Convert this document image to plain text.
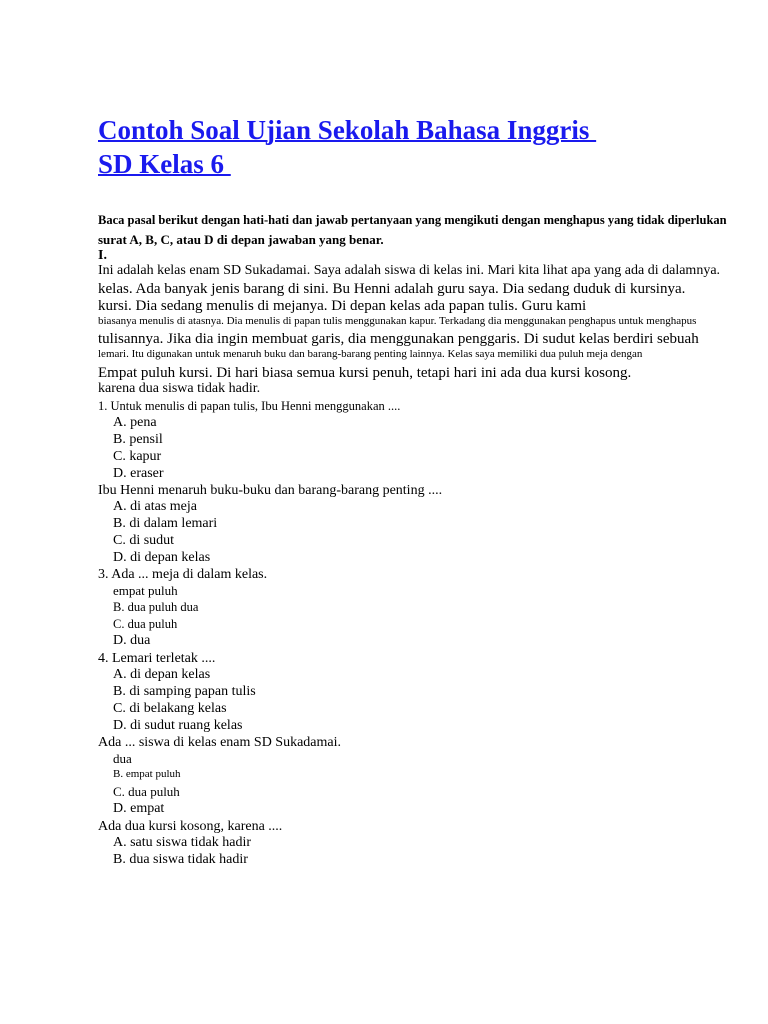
Contoh Soal Ujian Sekolah Bahasa Inggris
SD Kelas 6

Baca pasal berikut dengan hati-hati dan jawab pertanyaan yang mengikuti dengan menghapus yang tidak diperlukan

surat A, B, C, atau D di depan jawaban yang benar.

I.

Ini adalah kelas enam SD Sukadamai. Saya adalah siswa di kelas ini. Mari kita lihat apa yang ada di dalamnya.

kelas. Ada banyak jenis barang di sini. Bu Henni adalah guru saya. Dia sedang duduk di kursinya.

kursi. Dia sedang menulis di mejanya. Di depan kelas ada papan tulis. Guru kami

biasanya menulis di atasnya. Dia menulis di papan tulis menggunakan kapur. Terkadang dia menggunakan penghapus untuk menghapus

tulisannya. Jika dia ingin membuat garis, dia menggunakan penggaris. Di sudut kelas berdiri sebuah

lemari. Itu digunakan untuk menaruh buku dan barang-barang penting lainnya. Kelas saya memiliki dua puluh meja dengan

Empat puluh kursi. Di hari biasa semua kursi penuh, tetapi hari ini ada dua kursi kosong.

karena dua siswa tidak hadir.

1. Untuk menulis di papan tulis, Ibu Henni menggunakan ....

A. pena

B. pensil

C. kapur

D. eraser

Ibu Henni menaruh buku-buku dan barang-barang penting ....

A. di atas meja

B. di dalam lemari

C. di sudut

D. di depan kelas

3. Ada ... meja di dalam kelas.

empat puluh

B. dua puluh dua

C. dua puluh

D. dua

4. Lemari terletak ....

A. di depan kelas

B. di samping papan tulis

C. di belakang kelas

D. di sudut ruang kelas

Ada ... siswa di kelas enam SD Sukadamai.

dua

B. empat puluh

C. dua puluh

D. empat

Ada dua kursi kosong, karena ....

A. satu siswa tidak hadir

B. dua siswa tidak hadir
